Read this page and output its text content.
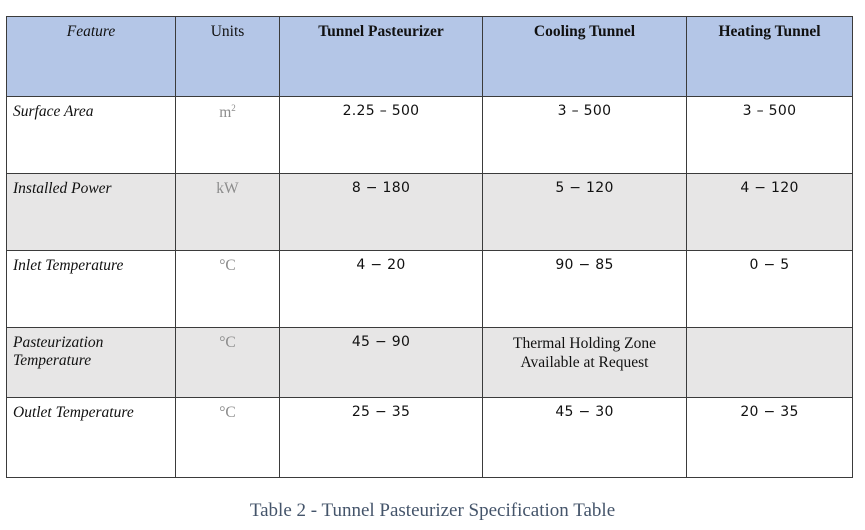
Feature	Units	Tunnel Pasteurizer	Cooling Tunnel	Heating Tunnel
Surface Area	$m^2$	2.25 – 500	3 – 500	3 – 500
Installed Power	kW	8 − 180	5 − 120	4 − 120
Inlet Temperature	°C	4 − 20	90 − 85	0 − 5
Pasteurization Temperature	°C	45 − 90	Thermal Holding Zone Available at Request	
Outlet Temperature	°C	25 − 35	45 − 30	20 − 35
Table 2 - Tunnel Pasteurizer Specification Table
